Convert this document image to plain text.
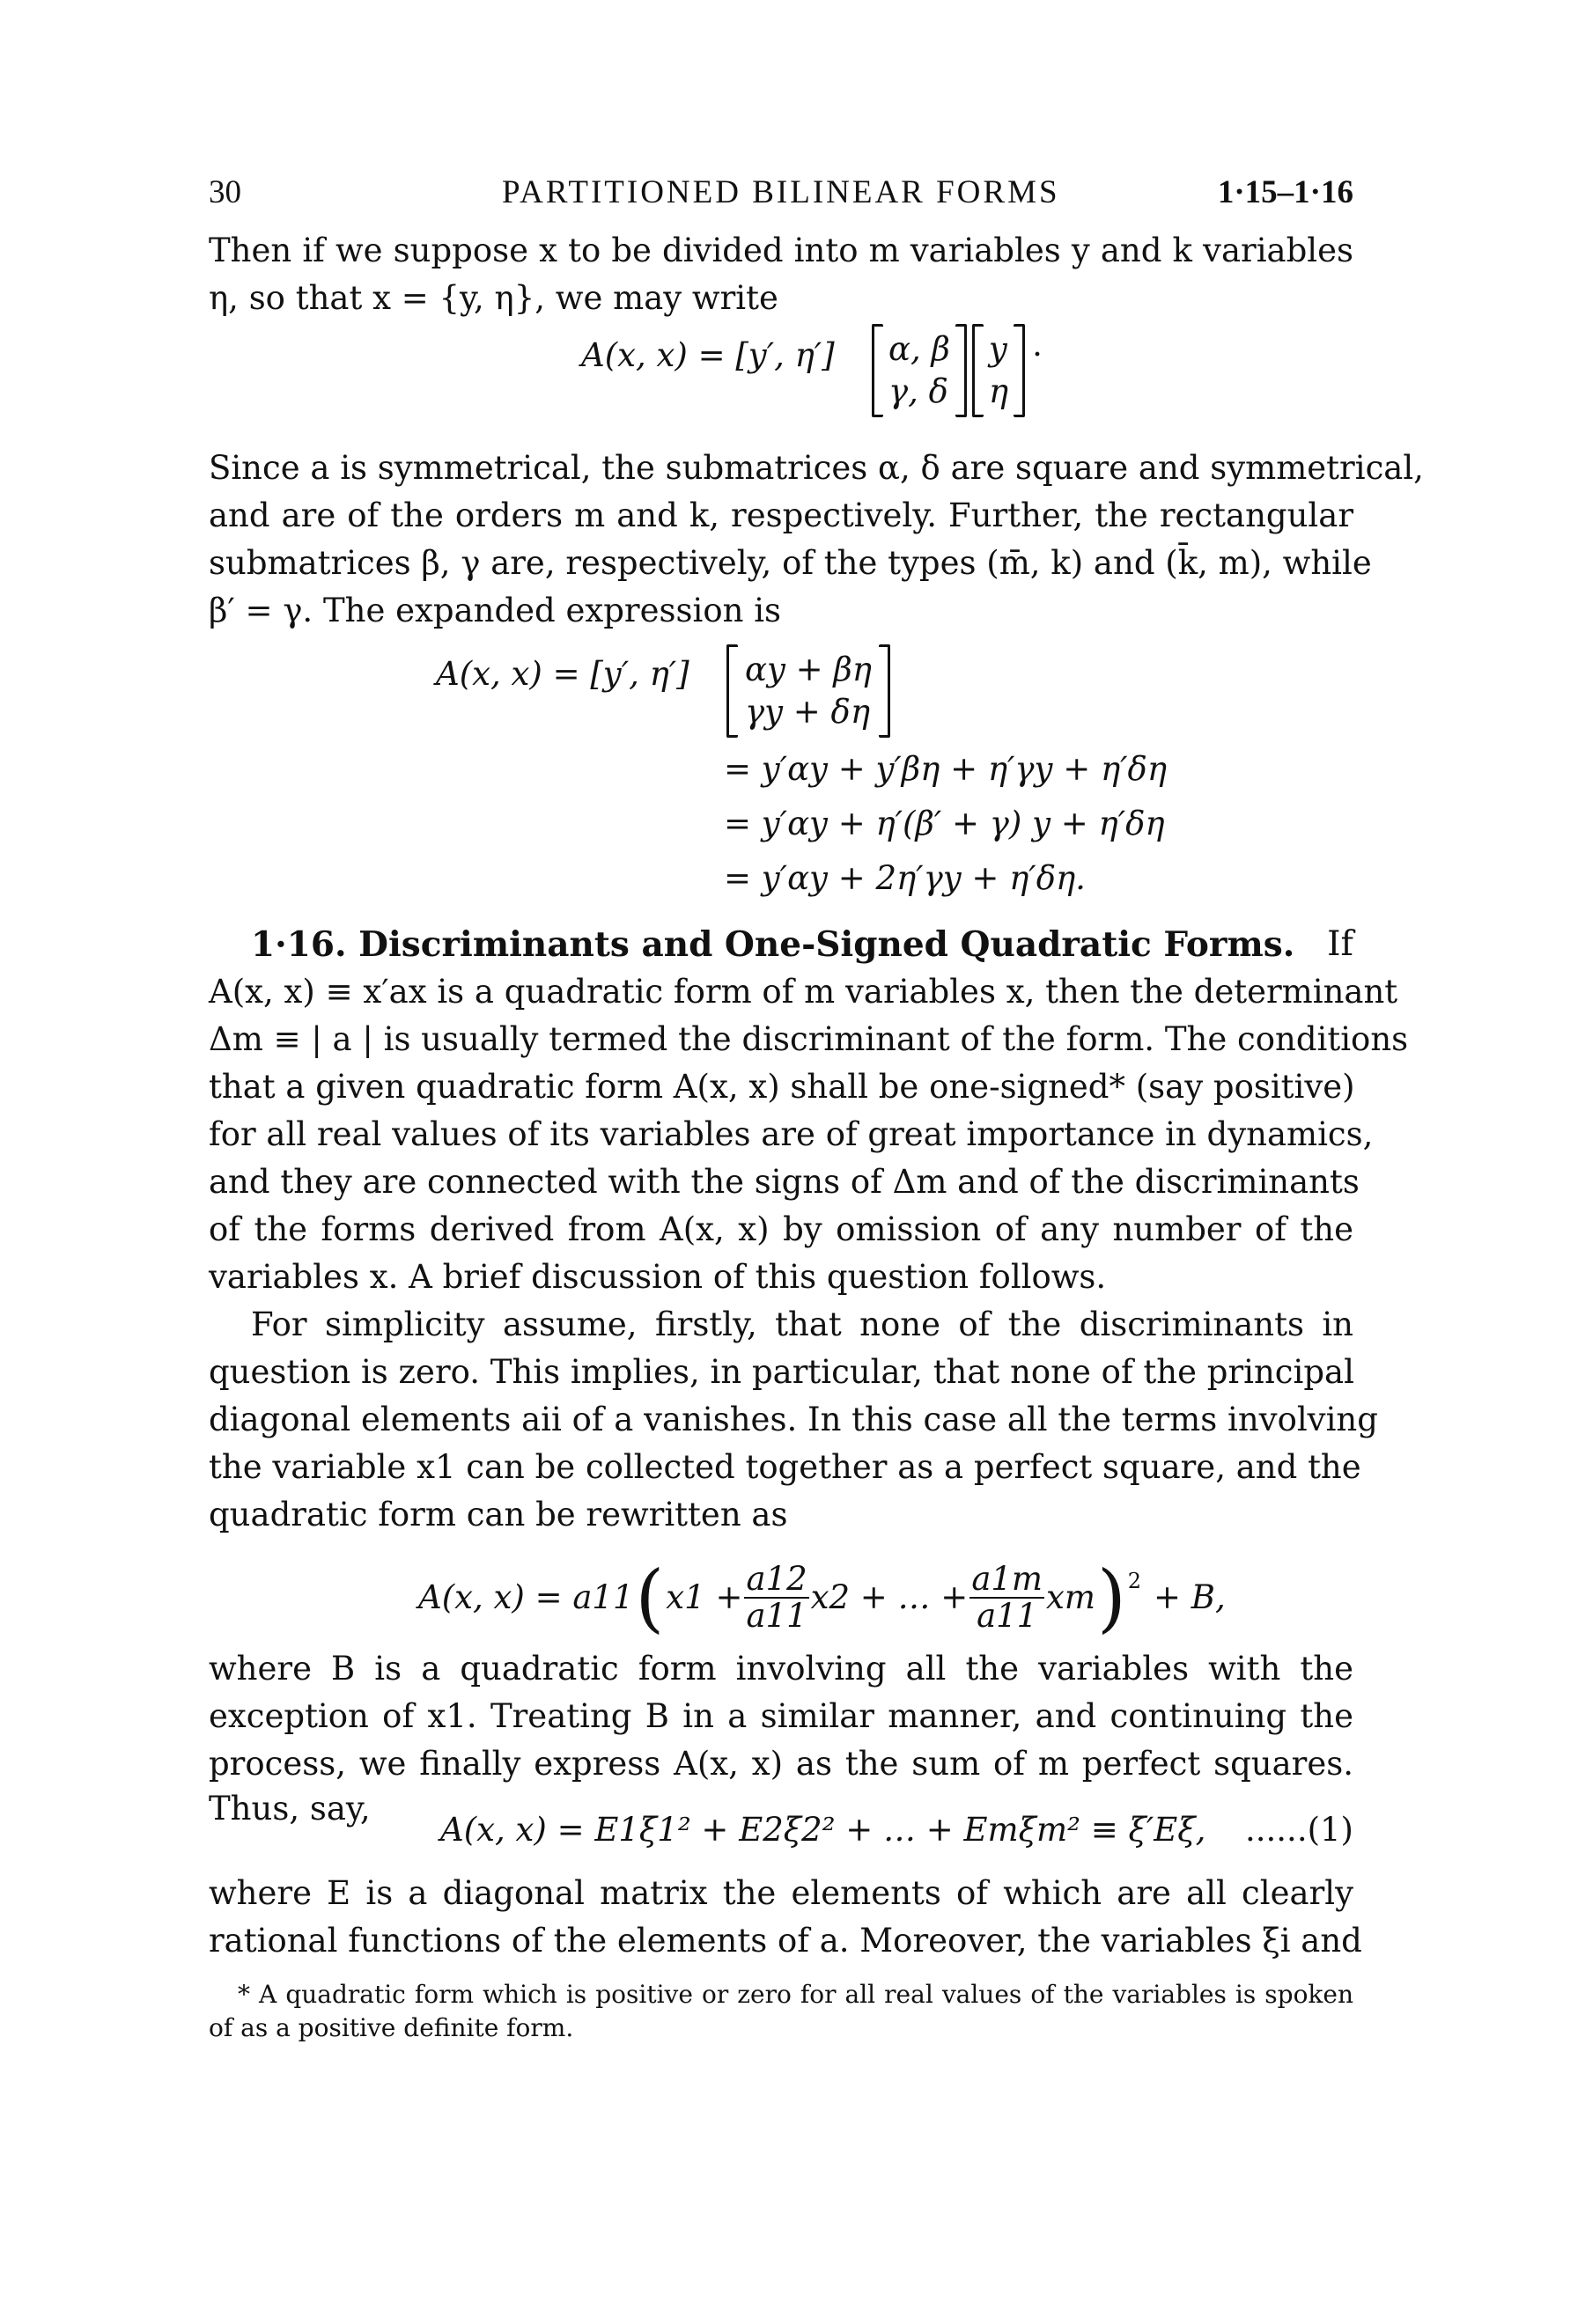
30	PARTITIONED BILINEAR FORMS	1·15–1·16
Then if we suppose x to be divided into m variables y and k variables
η, so that x = {y, η}, we may write
A(x, x) = [y′, η′] α, β
γ, δ
y
η
.
Since a is symmetrical, the submatrices α, δ are square and symmetrical,
and are of the orders m and k, respectively. Further, the rectangular
submatrices β, γ are, respectively, of the types (m̄, k) and (k̄, m), while
β′ = γ. The expanded expression is
A(x, x) = [y′, η′] αy + βη
γy + δη
= y′αy + y′βη + η′γy + η′δη
= y′αy + η′(β′ + γ) y + η′δη
= y′αy + 2η′γy + η′δη.
1·16. Discriminants and One-Signed Quadratic Forms. If
A(x, x) ≡ x′ax is a quadratic form of m variables x, then the determinant
Δm ≡ | a | is usually termed the discriminant of the form. The conditions
that a given quadratic form A(x, x) shall be one-signed* (say positive)
for all real values of its variables are of great importance in dynamics,
and they are connected with the signs of Δm and of the discriminants
of the forms derived from A(x, x) by omission of any number of the
variables x. A brief discussion of this question follows.
For simplicity assume, firstly, that none of the discriminants in
question is zero. This implies, in particular, that none of the principal
diagonal elements aii of a vanishes. In this case all the terms involving
the variable x1 can be collected together as a perfect square, and the
quadratic form can be rewritten as
A(x, x) = a11 ( $x1 + \frac{a12}{a11} x2$ + … + $\frac{a1m}{a11}$ xm ) 2 + B,
where B is a quadratic form involving all the variables with the
exception of x1. Treating B in a similar manner, and continuing the
process, we finally express A(x, x) as the sum of m perfect squares.
Thus, say,
A(x, x) = E1ξ1² + E2ξ2² + … + Emξm² ≡ ξ′Eξ,	......(1)
where E is a diagonal matrix the elements of which are all clearly
rational functions of the elements of a. Moreover, the variables ξi and
* A quadratic form which is positive or zero for all real values of the variables is spoken
of as a positive definite form.
